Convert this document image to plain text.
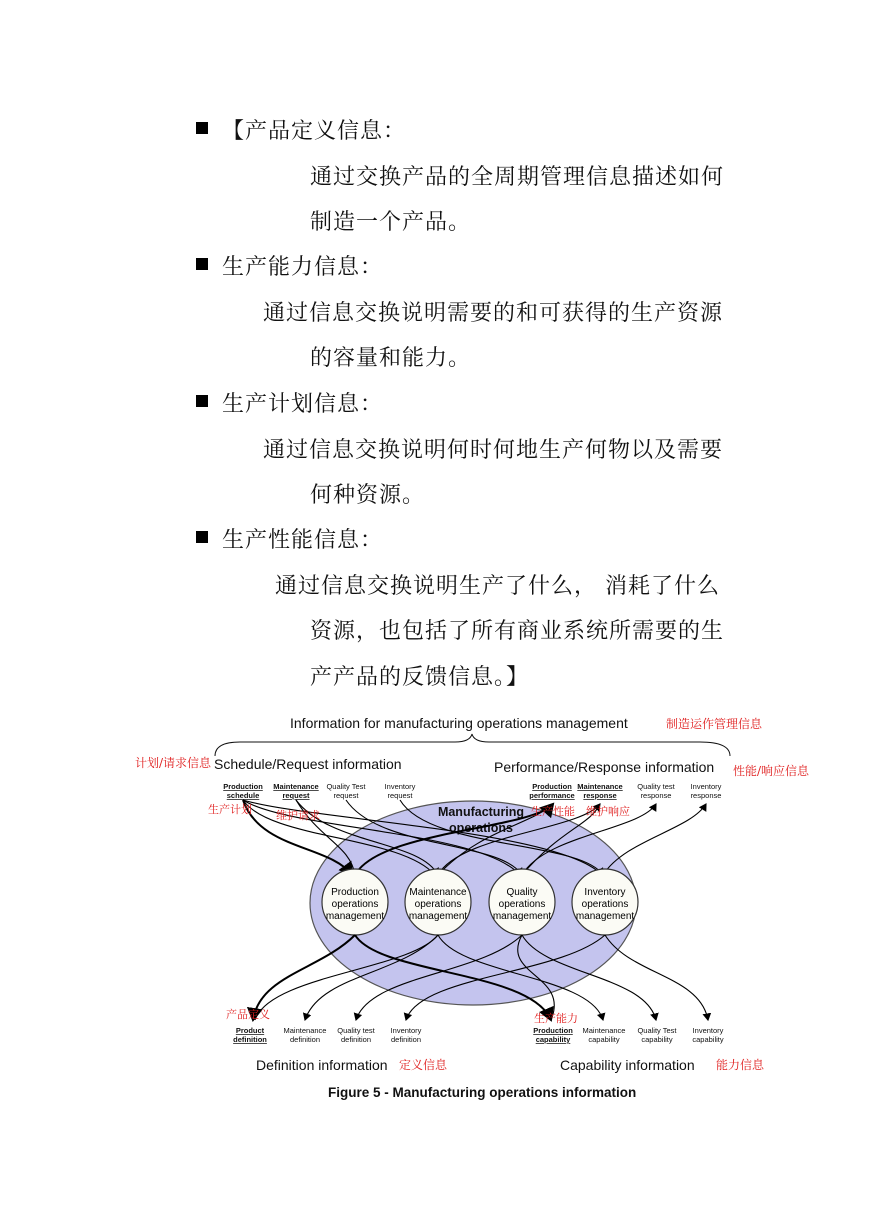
【产品定义信息：
通过交换产品的全周期管理信息描述如何
制造一个产品。
生产能力信息：
通过信息交换说明需要的和可获得的生产资源
的容量和能力。
生产计划信息：
通过信息交换说明何时何地生产何物以及需要
何种资源。
生产性能信息：
通过信息交换说明生产了什么， 消耗了什么
资源，也包括了所有商业系统所需要的生
产产品的反馈信息。】
Information for manufacturing operations management	制造运作管理信息
计划/请求信息 Schedule/Request information	Performance/Response information 性能/响应信息
Manufacturing
operations
Production
operations
management
Maintenance
operations
management
Quality
operations
management
Inventory
operations
management
Production
schedule
Maintenance
request
Quality Test
request
Inventory
request
Production
performance
Maintenance
response
Quality test
response
Inventory
response
生产计划 维护请求	生产性能 维护响应
Product
definition
Maintenance
definition
Quality test
definition
Inventory
definition
Production
capability
Maintenance
capability
Quality Test
capability
Inventory
capability
产品定义	生产能力
Definition information 定义信息	Capability information 能力信息
Figure 5 - Manufacturing operations information
